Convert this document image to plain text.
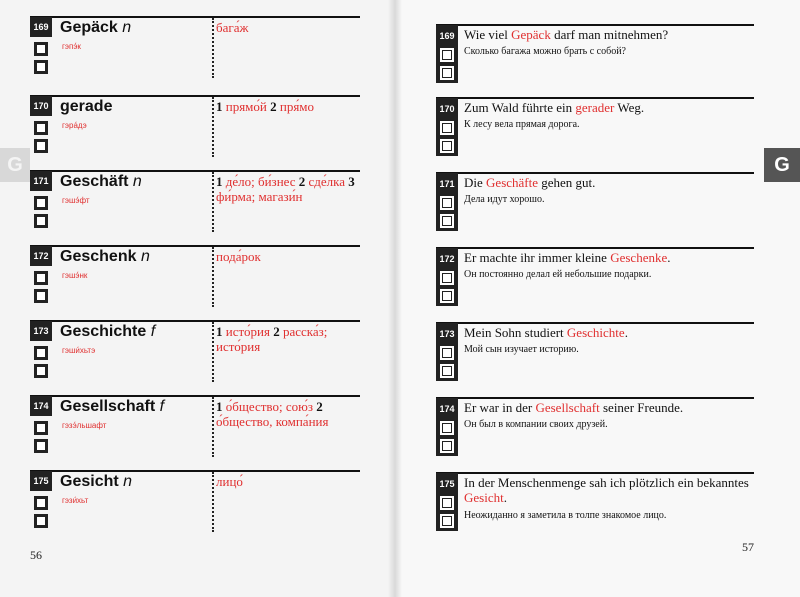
G	G
169 Gepäck n
гэпэ́к
бага́ж
170 gerade
гэра́дэ
1 прямо́й 2 пря́мо
171 Geschäft n
гэшэ́фт
1 де́ло; би́знес 2 сде́лка 3 фи́рма; магази́н
172 Geschenk n
гэшэ́нк
пода́рок
173 Geschichte f
гэши́хьтэ
1 исто́рия 2 расска́з; исто́рия
174 Gesellschaft f
гэзэ́льшафт
1 о́бщество; сою́з 2 о́бщество, компа́ния
175 Gesicht n
гэзи́хьт
лицо́
169 Wie viel Gepäck darf man mitnehmen?
Сколько багажа можно брать с собой?
170 Zum Wald führte ein gerader Weg.
К лесу вела прямая дорога.
171 Die Geschäfte gehen gut.
Дела идут хорошо.
172 Er machte ihr immer kleine Geschenke.
Он постоянно делал ей небольшие подарки.
173 Mein Sohn studiert Geschichte.
Мой сын изучает историю.
174 Er war in der Gesellschaft seiner Freunde.
Он был в компании своих друзей.
175 In der Menschenmenge sah ich plötzlich ein bekanntes Gesicht.
Неожиданно я заметила в толпе знакомое лицо.
56
57
